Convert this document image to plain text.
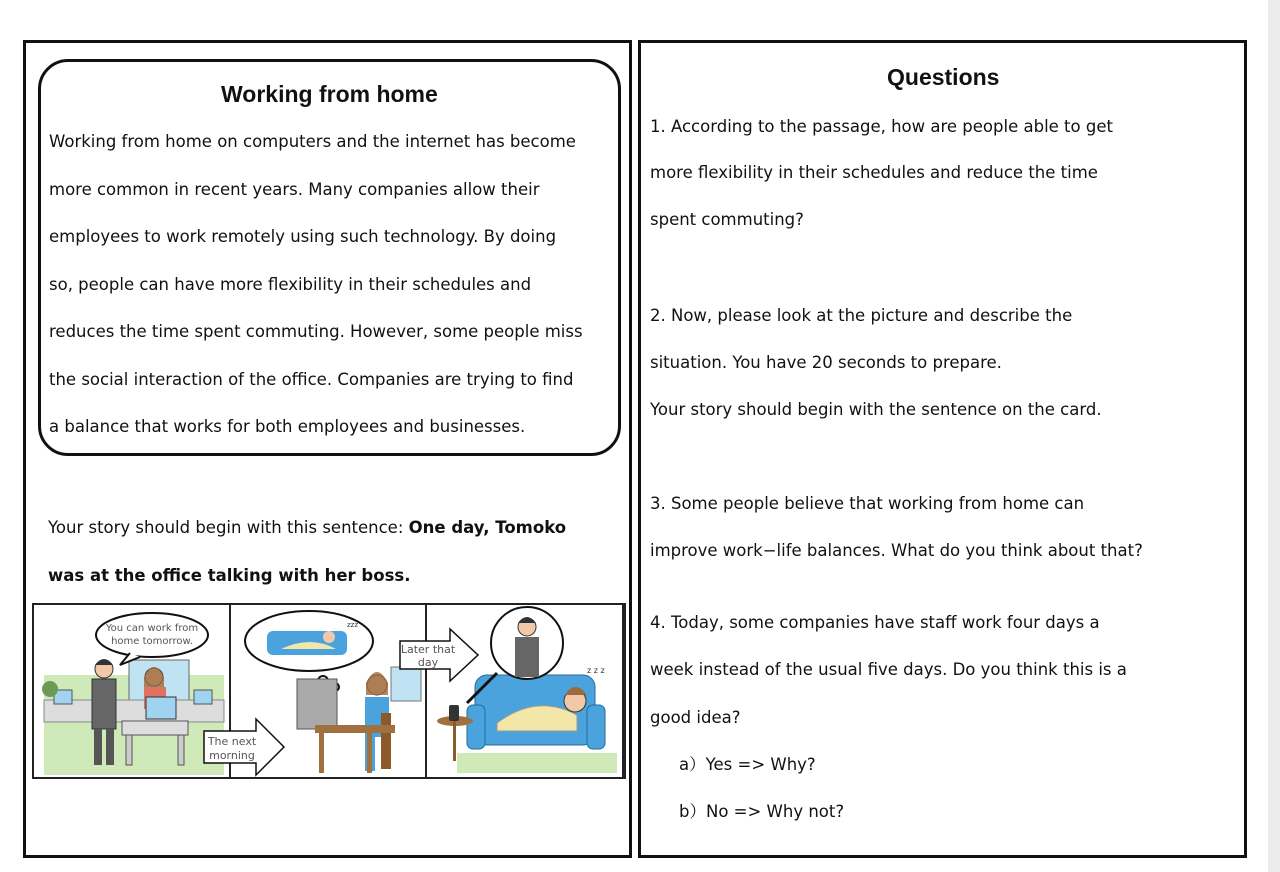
Working from home
Working from home on computers and the internet has become
more common in recent years. Many companies allow their
employees to work remotely using such technology. By doing
so, people can have more flexibility in their schedules and
reduces the time spent commuting. However, some people miss
the social interaction of the office. Companies are trying to find
a balance that works for both employees and businesses.
Your story should begin with this sentence: One day, Tomoko
was at the office talking with her boss.
You can work from
home tomorrow.
zzz
z z z
The next
morning
Later that
day
Questions
1. According to the passage, how are people able to get
more flexibility in their schedules and reduce the time
spent commuting?
2. Now, please look at the picture and describe the
situation. You have 20 seconds to prepare.
Your story should begin with the sentence on the card.
3. Some people believe that working from home can
improve work−life balances. What do you think about that?
4. Today, some companies have staff work four days a
week instead of the usual five days. Do you think this is a
good idea?
a）Yes => Why?
b）No => Why not?
